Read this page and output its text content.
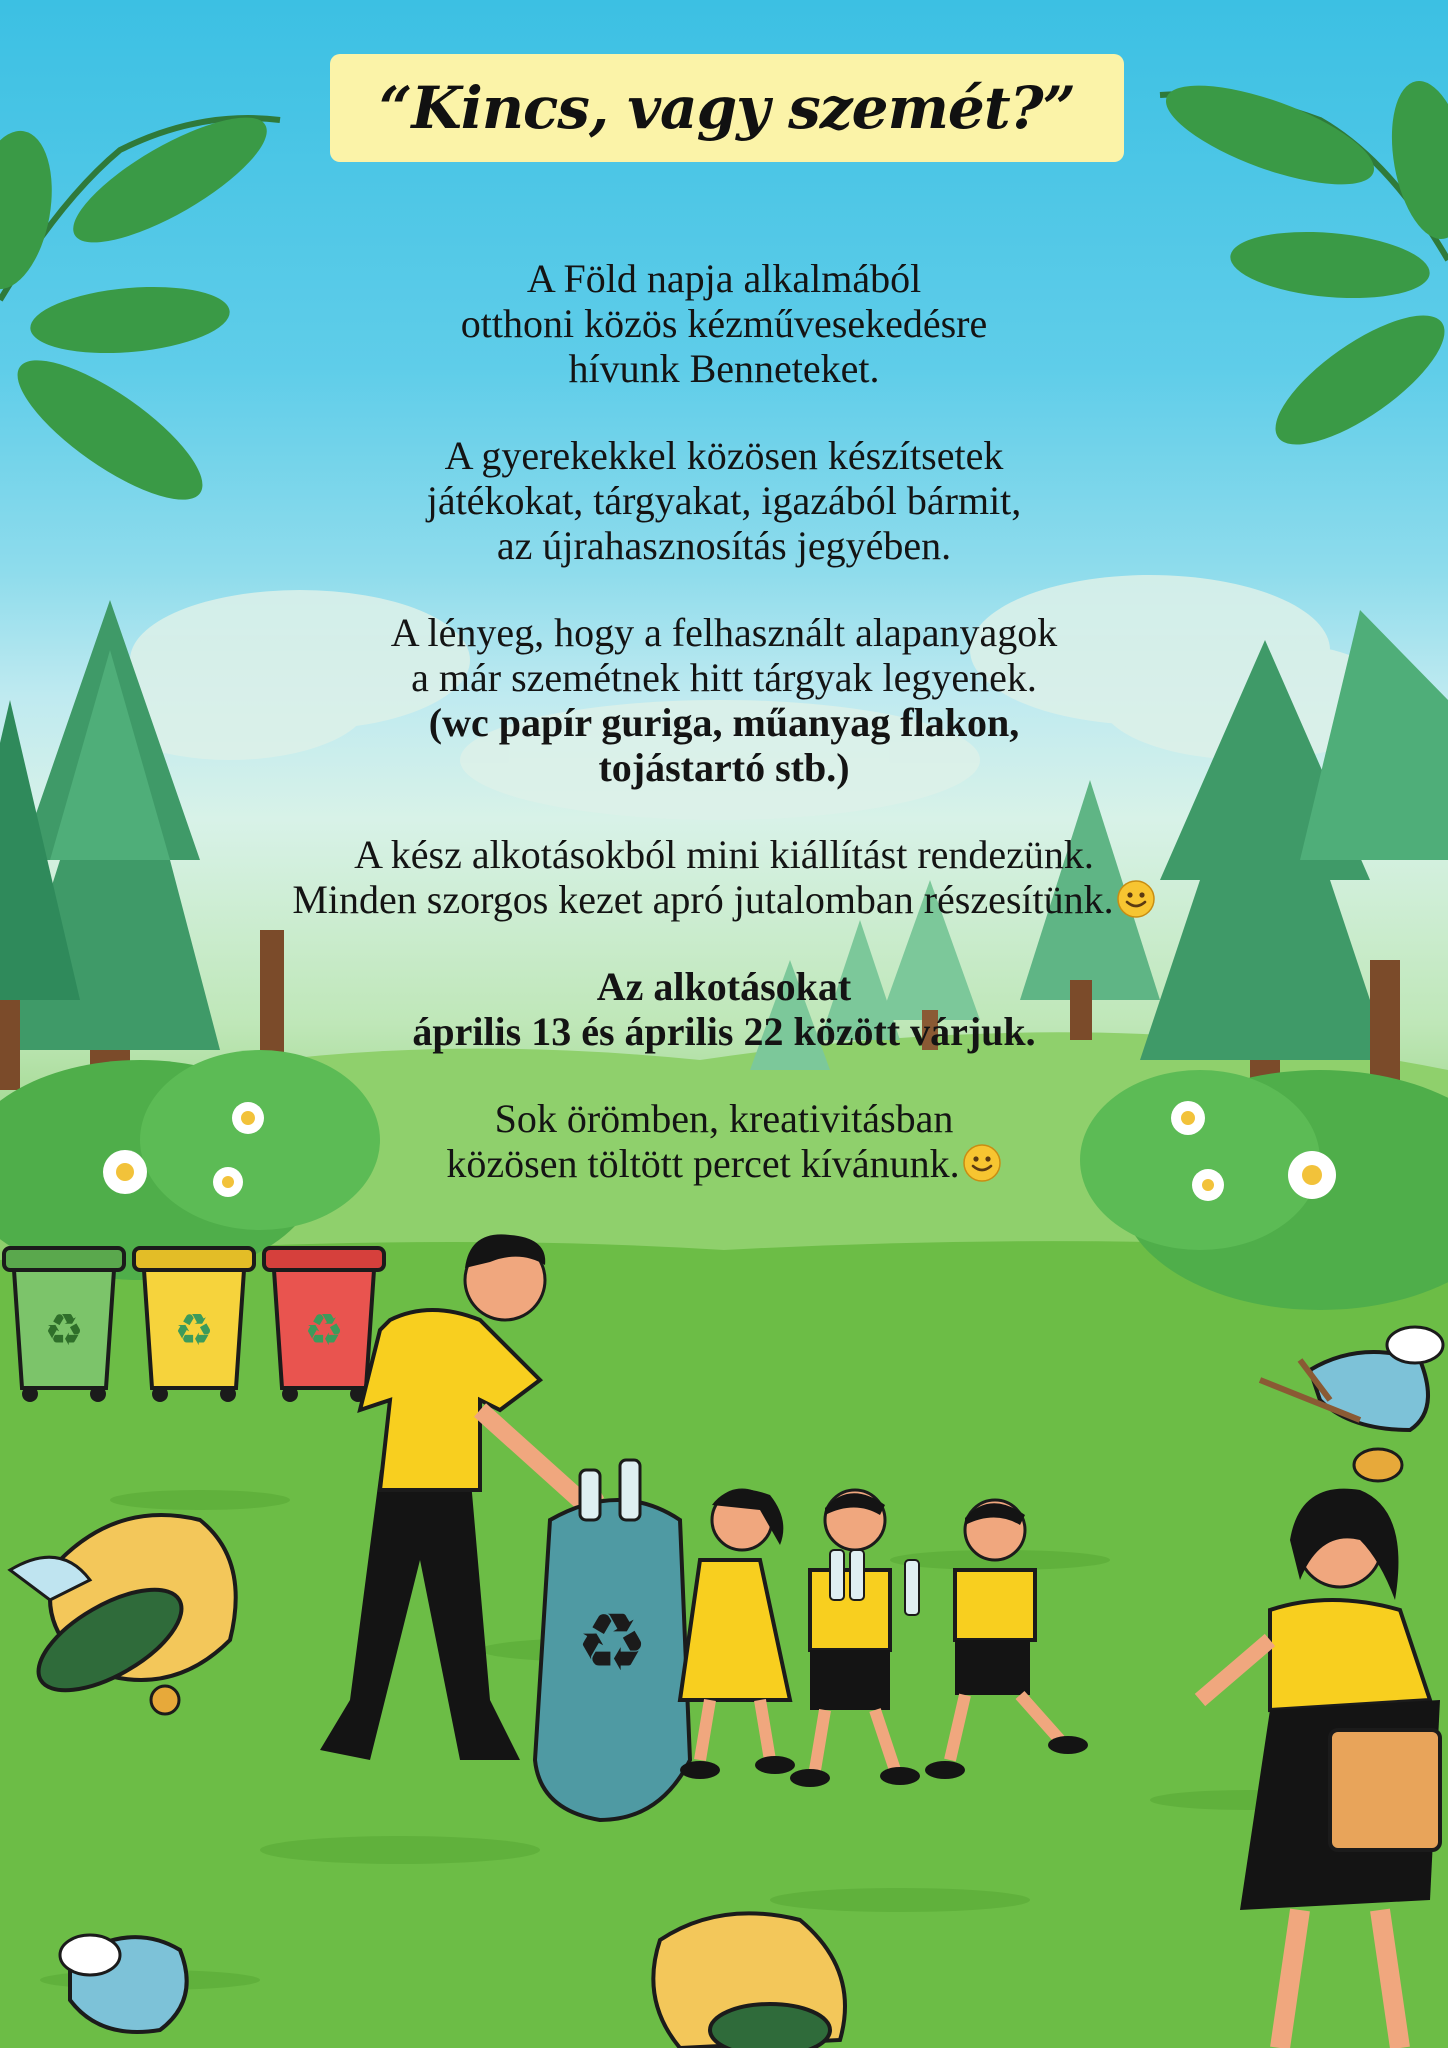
♻ ♻ ♻
♻
“Kincs, vagy szemét?”
A Föld napja alkalmából
otthoni közös kézművesekedésre
hívunk Benneteket.
A gyerekekkel közösen készítsetek
játékokat, tárgyakat, igazából bármit,
az újrahasznosítás jegyében.
A lényeg, hogy a felhasznált alapanyagok
a már szemétnek hitt tárgyak legyenek.
(wc papír guriga, műanyag flakon,
tojástartó stb.)
A kész alkotásokból mini kiállítást rendezünk.
Minden szorgos kezet apró jutalomban részesítünk.
Az alkotásokat
április 13 és április 22 között várjuk.
Sok örömben, kreativitásban
közösen töltött percet kívánunk.
